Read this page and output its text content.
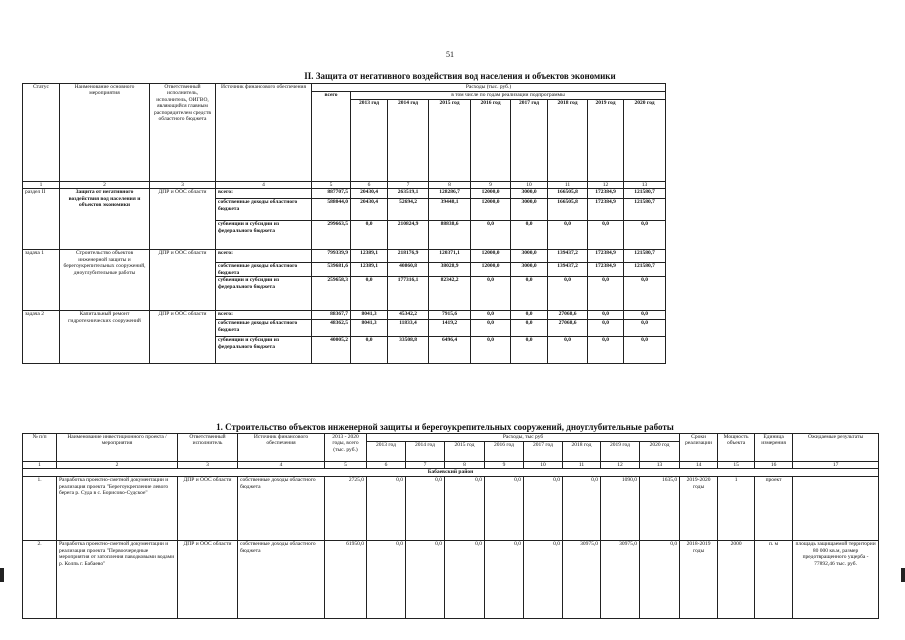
51
II. Защита от негативного воздействия вод населения и объектов экономики
Статус	Наименование основного мероприятия	Ответственный исполнитель, исполнитель, ОИГВО, являющийся главным распорядителем средств областного бюджета	Источник финансового обеспечения	Расходы (тыс. руб.)								
				всего	в том числе по годам реализации подпрограммы							
					2013 год	2014 год	2015 год	2016 год	2017 год	2018 год	2019 год	2020 год
1	2	3	4	5	6	7	8	9	10	11	12	13
раздел II	Защита от негативного воздействия вод населения и объектов экономики	ДПР и ООС области	всего:	887707,5	20430,4	263519,1	128286,7	12000,0	3000,0	166505,8	172384,9	121580,7
			собственные доходы областного бюджета	588044,0	20430,4	52694,2	39448,1	12000,0	3000,0	166505,8	172384,9	121580,7
			субвенции и субсидии из федерального бюджета	299663,5	0,0	210824,9	88838,6	0,0	0,0	0,0	0,0	0,0
задача 1	Строительство объектов инженерной защиты и берегоукрепительных сооружений, дноуглубительные работы	ДПР и ООС области	всего:	799339,9	12389,1	218176,9	120371,1	12000,0	3000,0	139437,2	172384,9	121580,7
			собственные доходы областного бюджета	539681,6	12389,1	40860,8	38028,9	12000,0	3000,0	139437,2	172384,9	121580,7
			субвенции и субсидии из федерального бюджета	259658,3	0,0	177316,1	82342,2	0,0	0,0	0,0	0,0	0,0
задача 2	Капитальный ремонт гидротехнических сооружений	ДПР и ООС области	всего:	88367,7	8041,3	45342,2	7915,6	0,0	0,0	27068,6	0,0	0,0
			собственные доходы областного бюджета	48362,5	8041,3	11833,4	1419,2	0,0	0,0	27068,6	0,0	0,0
			субвенции и субсидии из федерального бюджета	40005,2	0,0	33508,8	6496,4	0,0	0,0	0,0	0,0	0,0
1. Строительство объектов инженерной защиты и берегоукрепительных сооружений, дноуглубительные работы
№ п/п	Наименование инвестиционного проекта / мероприятия	Ответственный исполнитель	Источник финансового обеспечения	2013 - 2020 годы, всего (тыс. руб.)	Расходы, тыс руб								Сроки реализации	Мощность объекта	Единица измерения	Ожидаемые результаты
					2013 год	2014 год	2015 год	2016 год	2017 год	2018 год	2019 год	2020 год				
1	2	3	4	5	6	7	8	9	10	11	12	13	14	15	16	17
Бабаевский район																
1.	Разработка проектно-сметной документации и реализация проекта "Берегоукрепление левого берега р. Суда в с. Борисово-Судское"	ДПР и ООС области	собственные доходы областного бюджета	2725,0	0,0	0,0	0,0	0,0	0,0	0,0	1090,0	1635,0	2019-2020 годы	1	проект	
2.	Разработка проектно-сметной документации и реализация проекта "Первоочередные мероприятия от затопления паводковыми водами р. Колпь г. Бабаево"	ДПР и ООС области	собственные доходы областного бюджета	61950,0	0,0	0,0	0,0	0,0	0,0	30975,0	30975,0	0,0	2018-2019 годы	2000	п. м	площадь защищаемой территории 80 000 кв.м, размер предотвращенного ущерба - 77892,46 тыс. руб.
